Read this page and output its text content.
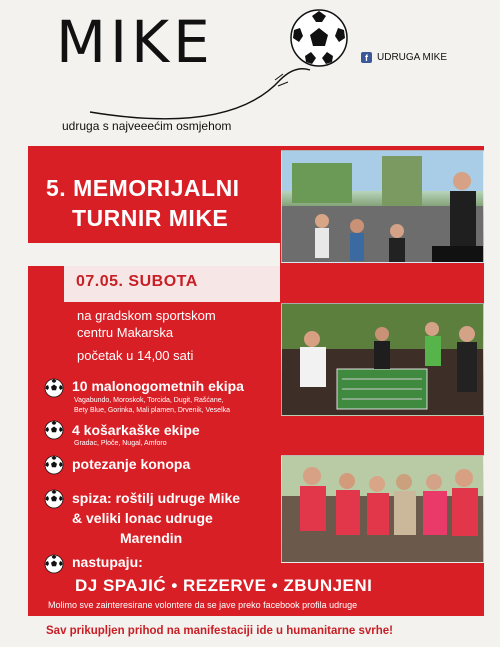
MIKE	f UDRUGA MIKE
udruga s najveeećim osmjehom
5. MEMORIJALNI
TURNIR MIKE
07.05. SUBOTA
na gradskom sportskom
centru Makarska
početak u 14,00 sati
10 malonogometnih ekipa
Vagabundo, Moroskok, Torcida, Dugit, Rašćane,
Bety Blue, Gorinka, Mali plamen, Drvenik, Veselka
4 košarkaške ekipe
Gradac, Ploče, Nugal, Amforo
potezanje konopa
spiza: roštilj udruge Mike
& veliki lonac udruge
Marendin
nastupaju:
DJ SPAJIĆ • REZERVE • ZBUNJENI
Molimo sve zainteresirane volontere da se jave preko facebook profila udruge
Sav prikupljen prihod na manifestaciji ide u humanitarne svrhe!
